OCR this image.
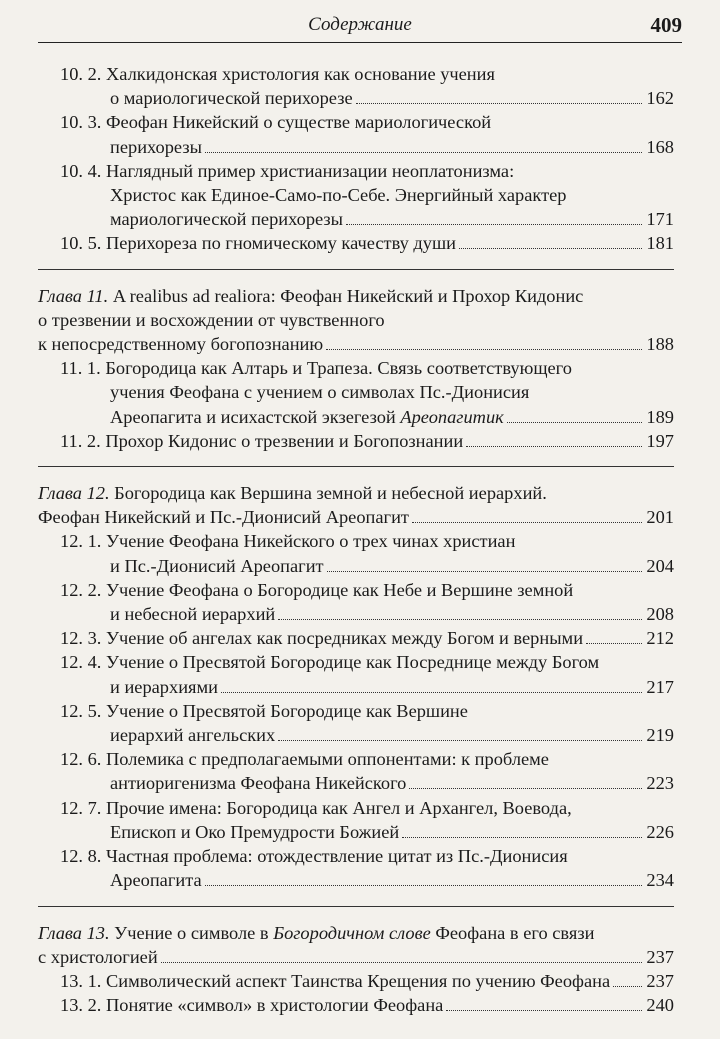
Содержание	409
10. 2. Халкидонская христология как основание учения
о мариологической перихорезе	162
10. 3. Феофан Никейский о существе мариологической
перихорезы	168
10. 4. Наглядный пример христианизации неоплатонизма:
Христос как Единое-Само-по-Себе. Энергийный характер
мариологической перихорезы	171
10. 5. Перихореза по гномическому качеству души	181
Глава 11. A realibus ad realiora: Феофан Никейский и Прохор Кидонис
о трезвении и восхождении от чувственного
к непосредственному богопознанию	188
11. 1. Богородица как Алтарь и Трапеза. Связь соответствующего
учения Феофана с учением о символах Пс.-Дионисия
Ареопагита и исихастской экзегезой Ареопагитик	189
11. 2. Прохор Кидонис о трезвении и Богопознании	197
Глава 12. Богородица как Вершина земной и небесной иерархий.
Феофан Никейский и Пс.-Дионисий Ареопагит	201
12. 1. Учение Феофана Никейского о трех чинах христиан
и Пс.-Дионисий Ареопагит	204
12. 2. Учение Феофана о Богородице как Небе и Вершине земной
и небесной иерархий	208
12. 3. Учение об ангелах как посредниках между Богом и верными	212
12. 4. Учение о Пресвятой Богородице как Посреднице между Богом
и иерархиями	217
12. 5. Учение о Пресвятой Богородице как Вершине
иерархий ангельских	219
12. 6. Полемика с предполагаемыми оппонентами: к проблеме
антиоригенизма Феофана Никейского	223
12. 7. Прочие имена: Богородица как Ангел и Архангел, Воевода,
Епископ и Око Премудрости Божией	226
12. 8. Частная проблема: отождествление цитат из Пс.-Дионисия
Ареопагита	234
Глава 13. Учение о символе в Богородичном слове Феофана в его связи
с христологией	237
13. 1. Символический аспект Таинства Крещения по учению Феофана 237
13. 2. Понятие «символ» в христологии Феофана	240
